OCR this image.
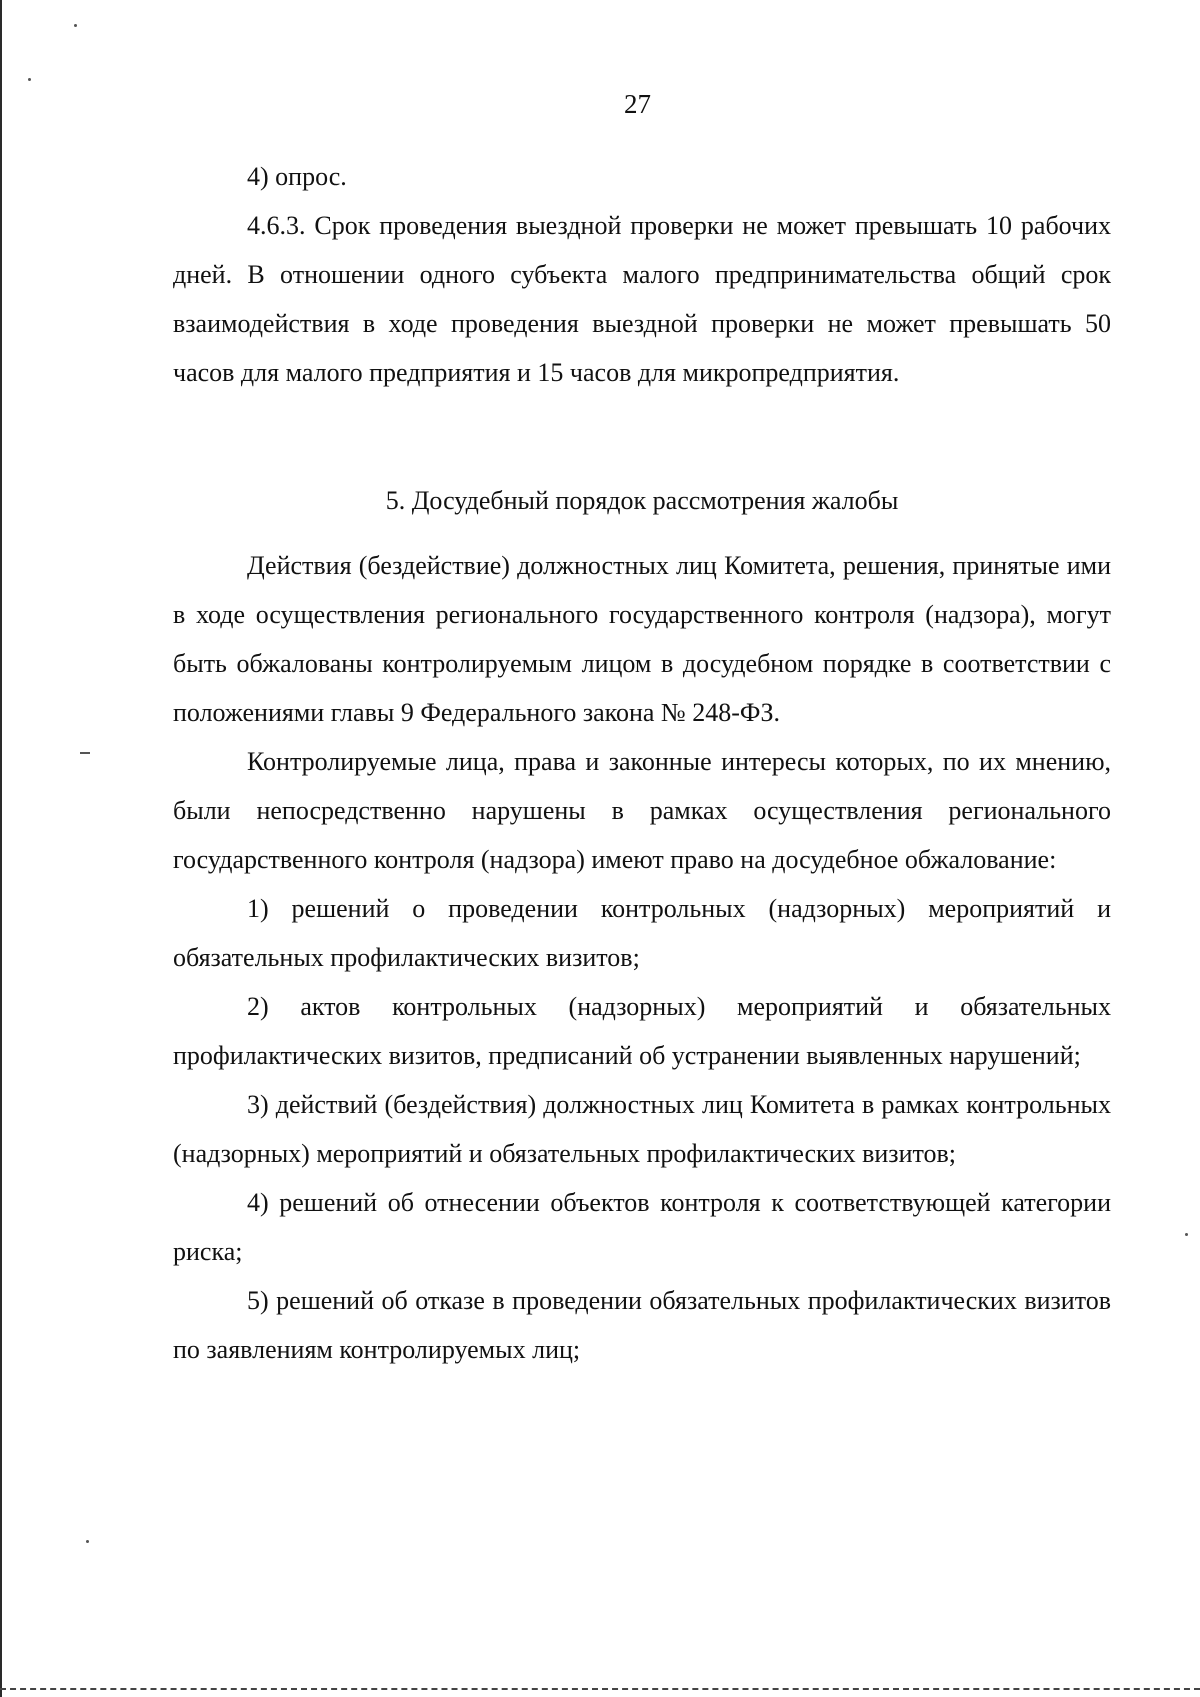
27

4) опрос.

4.6.3. Срок проведения выездной проверки не может превышать 10 рабочих дней. В отношении одного субъекта малого предпринимательства общий срок взаимодействия в ходе проведения выездной проверки не может превышать 50 часов для малого предприятия и 15 часов для микропредприятия.

5. Досудебный порядок рассмотрения жалобы

Действия (бездействие) должностных лиц Комитета, решения, принятые ими в ходе осуществления регионального государственного контроля (надзора), могут быть обжалованы контролируемым лицом в досудебном порядке в соответствии с положениями главы 9 Федерального закона № 248-ФЗ.

Контролируемые лица, права и законные интересы которых, по их мнению, были непосредственно нарушены в рамках осуществления регионального государственного контроля (надзора) имеют право на досудебное обжалование:

1) решений о проведении контрольных (надзорных) мероприятий и обязательных профилактических визитов;

2) актов контрольных (надзорных) мероприятий и обязательных профилактических визитов, предписаний об устранении выявленных нарушений;

3) действий (бездействия) должностных лиц Комитета в рамках контрольных (надзорных) мероприятий и обязательных профилактических визитов;

4) решений об отнесении объектов контроля к соответствующей категории риска;

5) решений об отказе в проведении обязательных профилактических визитов по заявлениям контролируемых лиц;
